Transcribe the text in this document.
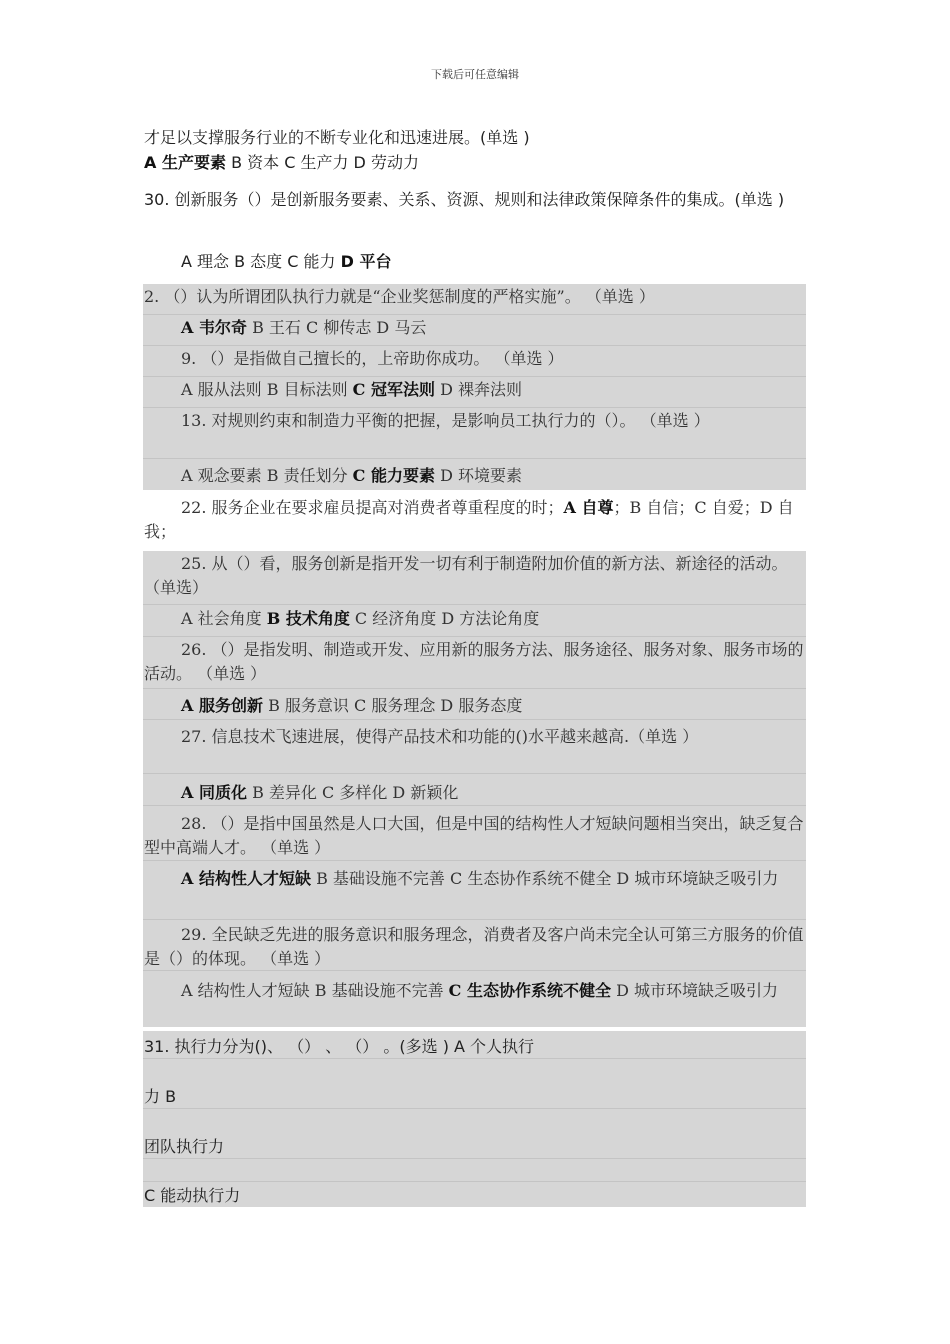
下载后可任意编辑
才足以支撑服务行业的不断专业化和迅速进展。(单选 )
A 生产要素 B 资本 C 生产力 D 劳动力
30. 创新服务（）是创新服务要素、关系、资源、规则和法律政策保障条件的集成。(单选 )
A 理念 B 态度 C 能力 D 平台
2. （）认为所谓团队执行力就是“企业奖惩制度的严格实施”。 （单选 ）
A 韦尔奇 B 王石 C 柳传志 D 马云
9. （）是指做自己擅长的，上帝助你成功。 （单选 ）
A 服从法则 B 目标法则 C 冠军法则 D 裸奔法则
13. 对规则约束和制造力平衡的把握，是影响员工执行力的（）。 （单选 ）
A 观念要素 B 责任划分 C 能力要素 D 环境要素
22. 服务企业在要求雇员提高对消费者尊重程度的时；A 自尊；B 自信；C 自爱；D 自我；
25. 从（）看，服务创新是指开发一切有利于制造附加价值的新方法、新途径的活动。 （单选）
A 社会角度 B 技术角度 C 经济角度 D 方法论角度
26. （）是指发明、制造或开发、应用新的服务方法、服务途径、服务对象、服务市场的活动。 （单选 ）
A 服务创新 B 服务意识 C 服务理念 D 服务态度
27. 信息技术飞速进展，使得产品技术和功能的()水平越来越高.（单选 ）
A 同质化 B 差异化 C 多样化 D 新颖化
28. （）是指中国虽然是人口大国，但是中国的结构性人才短缺问题相当突出，缺乏复合型中高端人才。 （单选 ）
A 结构性人才短缺 B 基础设施不完善 C 生态协作系统不健全 D 城市环境缺乏吸引力
29. 全民缺乏先进的服务意识和服务理念，消费者及客户尚未完全认可第三方服务的价值是（）的体现。 （单选 ）
A 结构性人才短缺 B 基础设施不完善 C 生态协作系统不健全 D 城市环境缺乏吸引力
31. 执行力分为()、 （） 、 （） 。(多选 ) A 个人执行
力 B
团队执行力
C 能动执行力
